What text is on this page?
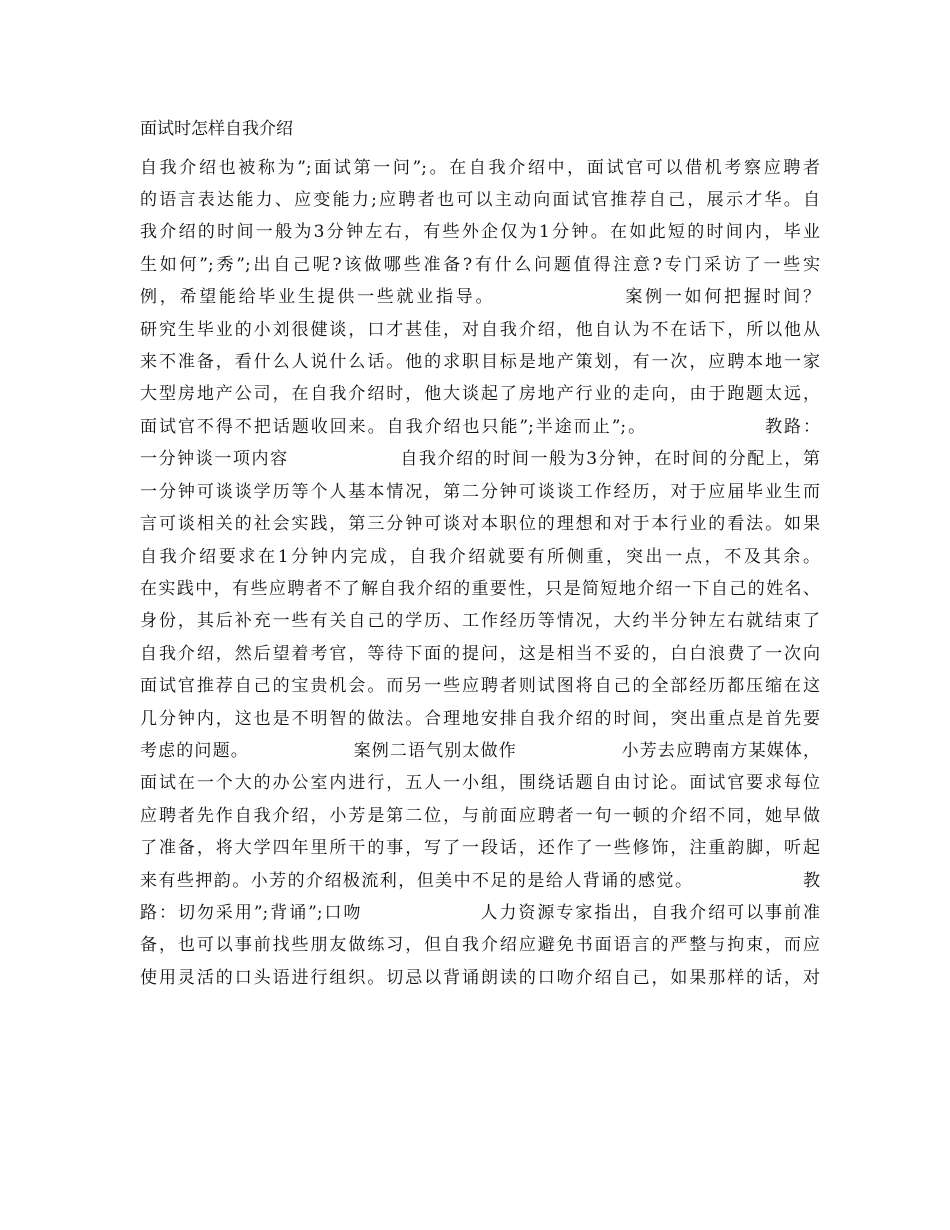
面试时怎样自我介绍
自我介绍也被称为”;面试第一问”;。在自我介绍中，面试官可以借机考察应聘者
的语言表达能力、应变能力;应聘者也可以主动向面试官推荐自己，展示才华。自
我介绍的时间一般为3分钟左右，有些外企仅为1分钟。在如此短的时间内，毕业
生如何”;秀”;出自己呢?该做哪些准备?有什么问题值得注意?专门采访了一些实
例，希望能给毕业生提供一些就业指导。                案例一如何把握时间？
研究生毕业的小刘很健谈，口才甚佳，对自我介绍，他自认为不在话下，所以他从
来不准备，看什么人说什么话。他的求职目标是地产策划，有一次，应聘本地一家
大型房地产公司，在自我介绍时，他大谈起了房地产行业的走向，由于跑题太远，
面试官不得不把话题收回来。自我介绍也只能”;半途而止”;。                教路：
一分钟谈一项内容                自我介绍的时间一般为3分钟，在时间的分配上，第
一分钟可谈谈学历等个人基本情况，第二分钟可谈谈工作经历，对于应届毕业生而
言可谈相关的社会实践，第三分钟可谈对本职位的理想和对于本行业的看法。如果
自我介绍要求在1分钟内完成，自我介绍就要有所侧重，突出一点，不及其余。
在实践中，有些应聘者不了解自我介绍的重要性，只是简短地介绍一下自己的姓名、
身份，其后补充一些有关自己的学历、工作经历等情况，大约半分钟左右就结束了
自我介绍，然后望着考官，等待下面的提问，这是相当不妥的，白白浪费了一次向
面试官推荐自己的宝贵机会。而另一些应聘者则试图将自己的全部经历都压缩在这
几分钟内，这也是不明智的做法。合理地安排自我介绍的时间，突出重点是首先要
考虑的问题。                案例二语气别太做作                小芳去应聘南方某媒体，
面试在一个大的办公室内进行，五人一小组，围绕话题自由讨论。面试官要求每位
应聘者先作自我介绍，小芳是第二位，与前面应聘者一句一顿的介绍不同，她早做
了准备，将大学四年里所干的事，写了一段话，还作了一些修饰，注重韵脚，听起
来有些押韵。小芳的介绍极流利，但美中不足的是给人背诵的感觉。                教
路：切勿采用”;背诵”;口吻                人力资源专家指出，自我介绍可以事前准
备，也可以事前找些朋友做练习，但自我介绍应避免书面语言的严整与拘束，而应
使用灵活的口头语进行组织。切忌以背诵朗读的口吻介绍自己，如果那样的话，对
